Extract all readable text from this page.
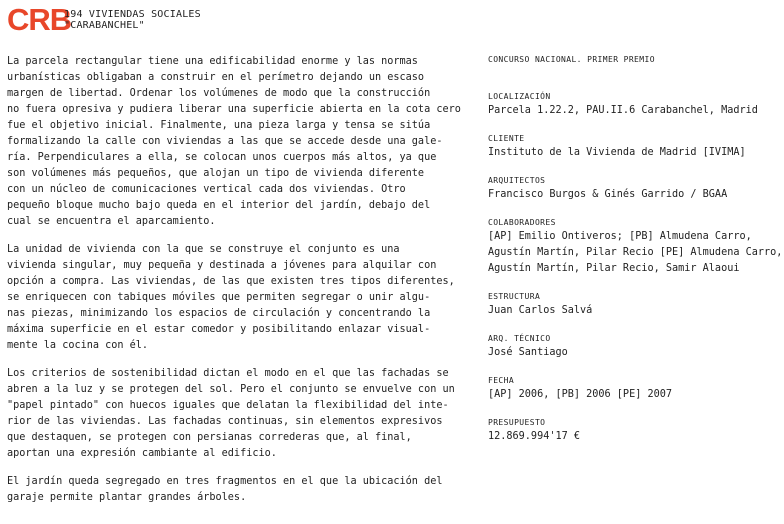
CRB
194 VIVIENDAS SOCIALES
"CARABANCHEL"

La parcela rectangular tiene una edificabilidad enorme y las normas
urbanísticas obligaban a construir en el perímetro dejando un escaso
margen de libertad. Ordenar los volúmenes de modo que la construcción
no fuera opresiva y pudiera liberar una superficie abierta en la cota cero
fue el objetivo inicial. Finalmente, una pieza larga y tensa se sitúa
formalizando la calle con viviendas a las que se accede desde una gale-
ría. Perpendiculares a ella, se colocan unos cuerpos más altos, ya que
son volúmenes más pequeños, que alojan un tipo de vivienda diferente
con un núcleo de comunicaciones vertical cada dos viviendas. Otro
pequeño bloque mucho bajo queda en el interior del jardín, debajo del
cual se encuentra el aparcamiento.

La unidad de vivienda con la que se construye el conjunto es una
vivienda singular, muy pequeña y destinada a jóvenes para alquilar con
opción a compra. Las viviendas, de las que existen tres tipos diferentes,
se enriquecen con tabiques móviles que permiten segregar o unir algu-
nas piezas, minimizando los espacios de circulación y concentrando la
máxima superficie en el estar comedor y posibilitando enlazar visual-
mente la cocina con él.

Los criterios de sostenibilidad dictan el modo en el que las fachadas se
abren a la luz y se protegen del sol. Pero el conjunto se envuelve con un
"papel pintado" con huecos iguales que delatan la flexibilidad del inte-
rior de las viviendas. Las fachadas continuas, sin elementos expresivos
que destaquen, se protegen con persianas correderas que, al final,
aportan una expresión cambiante al edificio.

El jardín queda segregado en tres fragmentos en el que la ubicación del
garaje permite plantar grandes árboles.

CONCURSO NACIONAL. PRIMER PREMIO
LOCALIZACIÓN
Parcela 1.22.2, PAU.II.6 Carabanchel, Madrid
CLIENTE
Instituto de la Vivienda de Madrid [IVIMA]
ARQUITECTOS
Francisco Burgos & Ginés Garrido / BGAA
COLABORADORES
[AP] Emilio Ontiveros; [PB] Almudena Carro,
Agustín Martín, Pilar Recio [PE] Almudena Carro,
Agustín Martín, Pilar Recio, Samir Alaoui
ESTRUCTURA
Juan Carlos Salvá
ARQ. TÉCNICO
José Santiago
FECHA
[AP] 2006, [PB] 2006 [PE] 2007
PRESUPUESTO
12.869.994'17 €
